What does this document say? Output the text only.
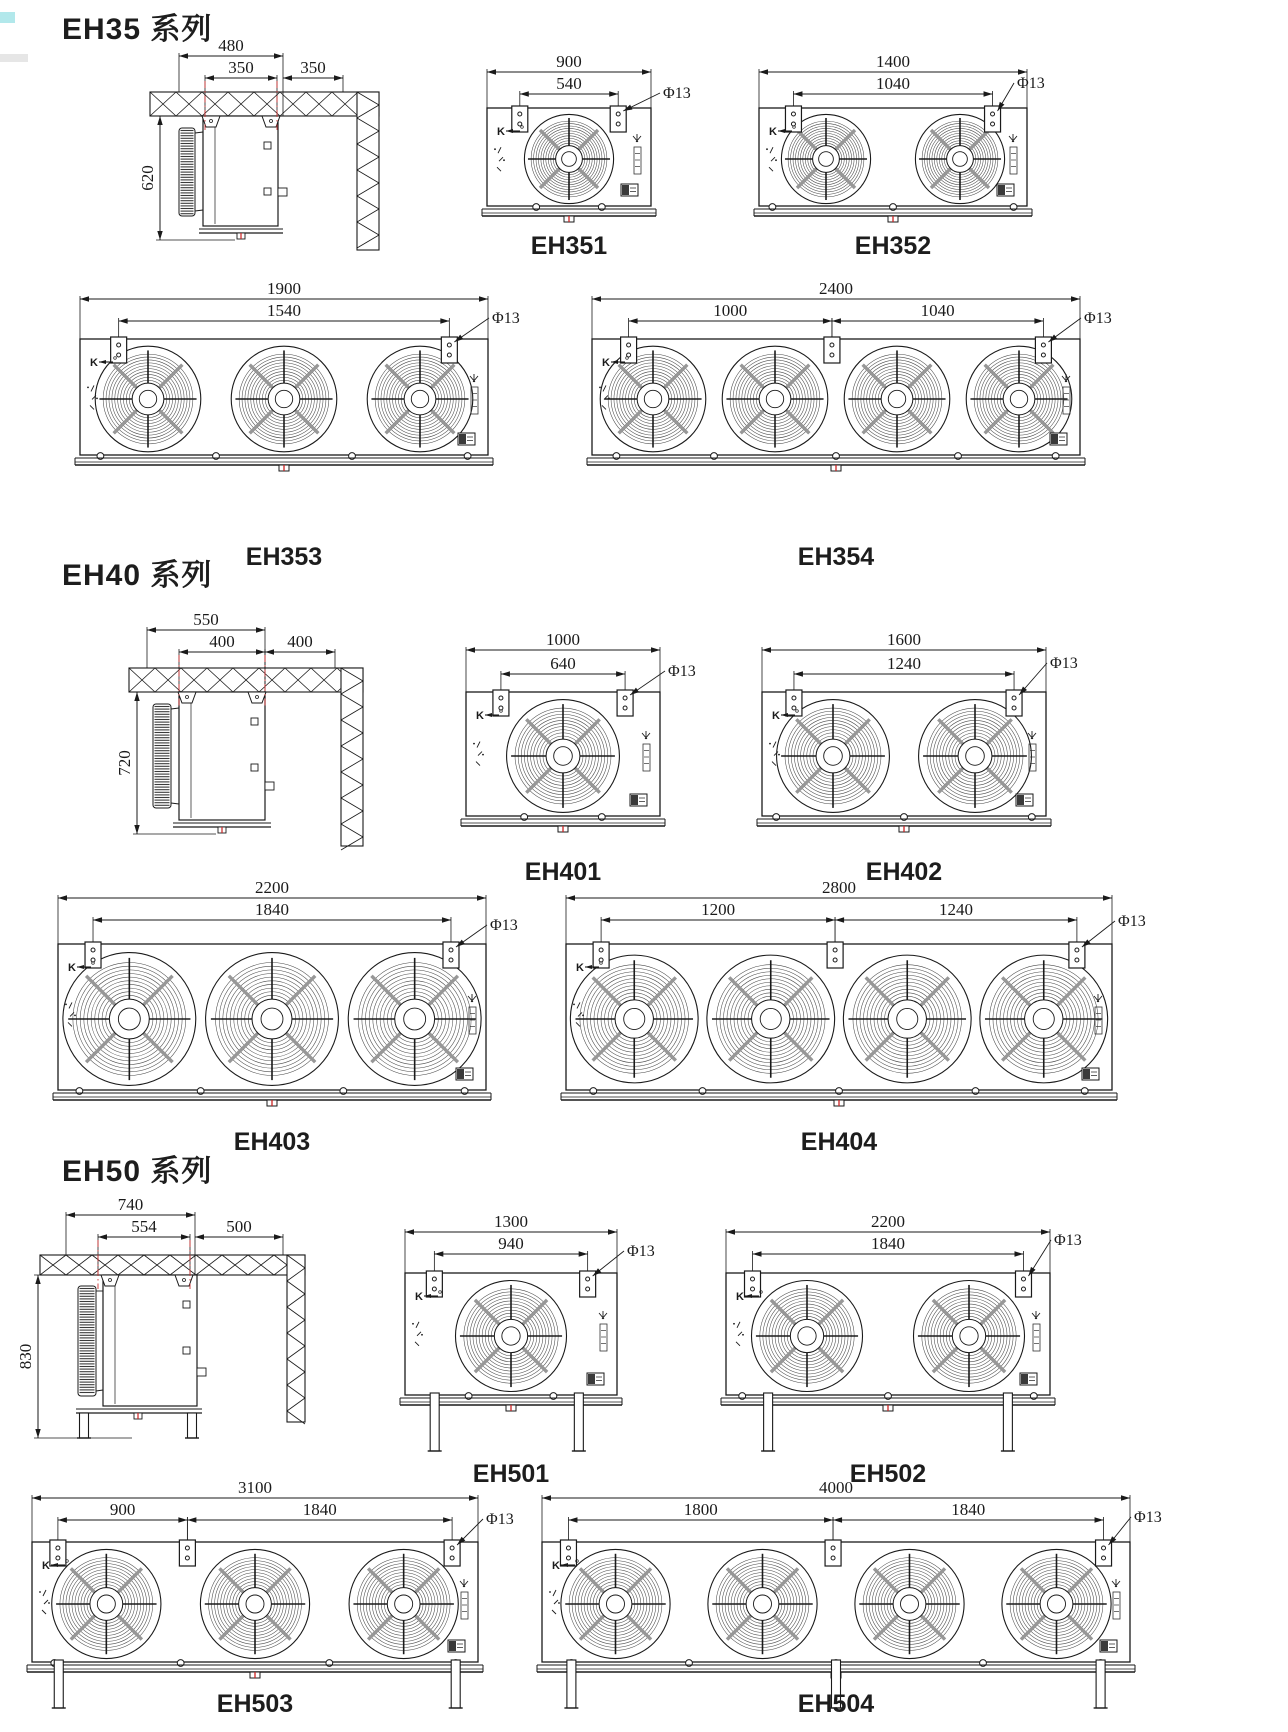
EH35 系列
EH40 系列
EH50 系列
480
350	350
620
550
400	400
720
740
554	500
830
900
540
Φ13
K
1400
1040	Φ13
K
1900
1540	Φ13
K
2400
1000	1040	Φ13
K
1000
640	Φ13
K
1600
1240	Φ13
K
2200
1840
Φ13
K
2800
1200	1240
Φ13
K
1300
940	Φ13
K
2200
1840	Φ13
K
3100
900	1840
Φ13
K
4000
1800	1840	Φ13
K
EH351	EH352
EH353	EH354
EH401	EH402
EH403	EH404
EH501	EH502
EH503	EH504
